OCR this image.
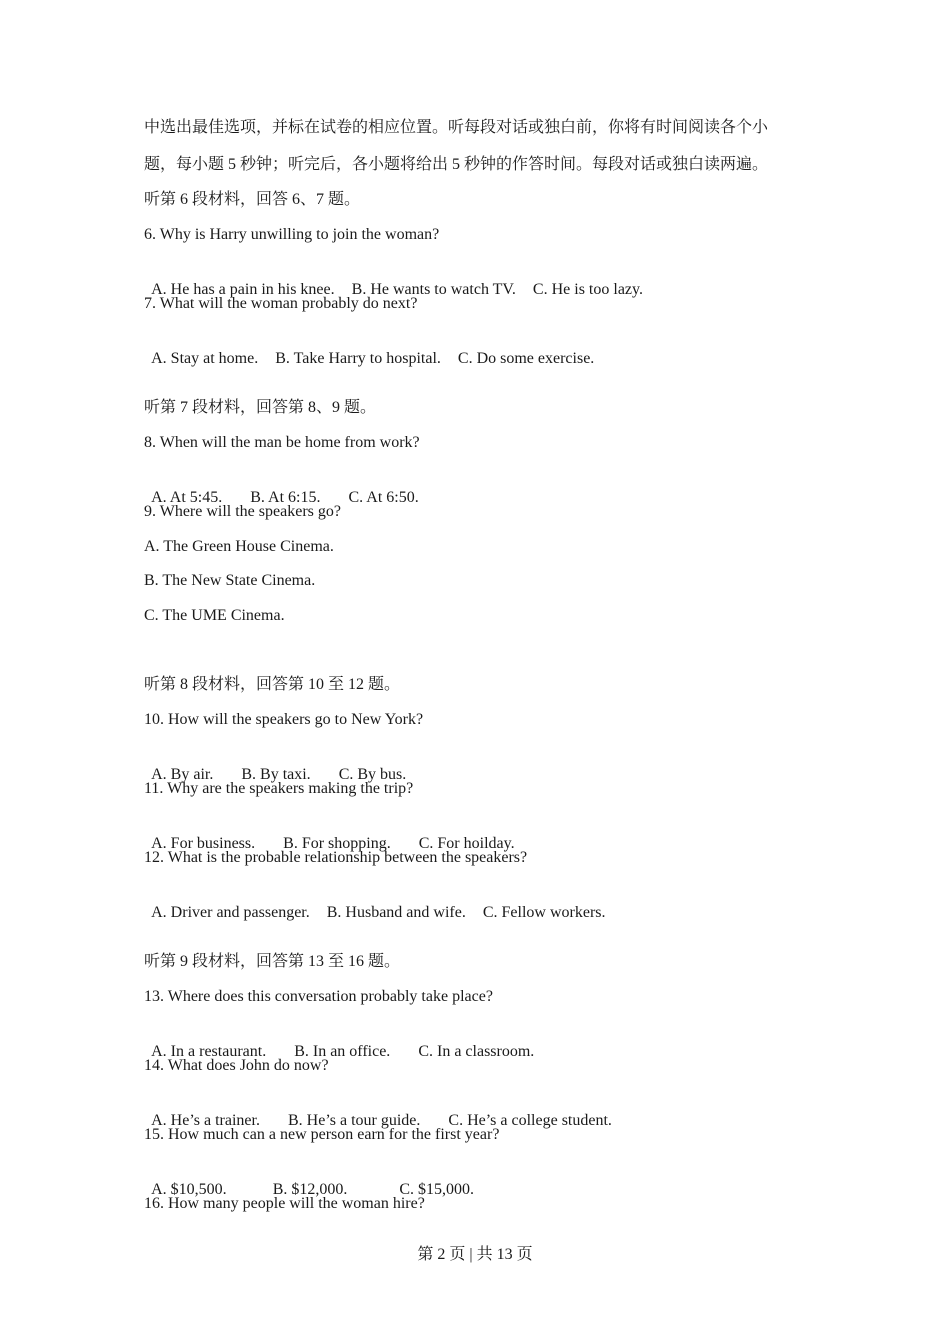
中选出最佳选项，并标在试卷的相应位置。听每段对话或独白前，你将有时间阅读各个小
题，每小题 5 秒钟；听完后，各小题将给出 5 秒钟的作答时间。每段对话或独白读两遍。
听第 6 段材料，回答 6、7 题。
6. Why is Harry unwilling to join the woman?

A. He has a pain in his knee. B. He wants to watch TV. C. He is too lazy.

7. What will the woman probably do next?

A. Stay at home. B. Take Harry to hospital. C. Do some exercise.

听第 7 段材料，回答第 8、9 题。
8. When will the man be home from work?

A. At 5:45. B. At 6:15. C. At 6:50.

9. Where will the speakers go?
A. The Green House Cinema.
B. The New State Cinema.
C. The UME Cinema.
听第 8 段材料，回答第 10 至 12 题。
10. How will the speakers go to New York?

A. By air. B. By taxi. C. By bus.

11. Why are the speakers making the trip?

A. For business. B. For shopping. C. For hoilday.

12. What is the probable relationship between the speakers?

A. Driver and passenger. B. Husband and wife. C. Fellow workers.

听第 9 段材料，回答第 13 至 16 题。
13. Where does this conversation probably take place?

A. In a restaurant. B. In an office. C. In a classroom.

14. What does John do now?

A. He’s a trainer. B. He’s a tour guide. C. He’s a college student.

15. How much can a new person earn for the first year?

A. $10,500.	B. $12,000.	C. $15,000.

16. How many people will the woman hire?
第 2 页 | 共 13 页
